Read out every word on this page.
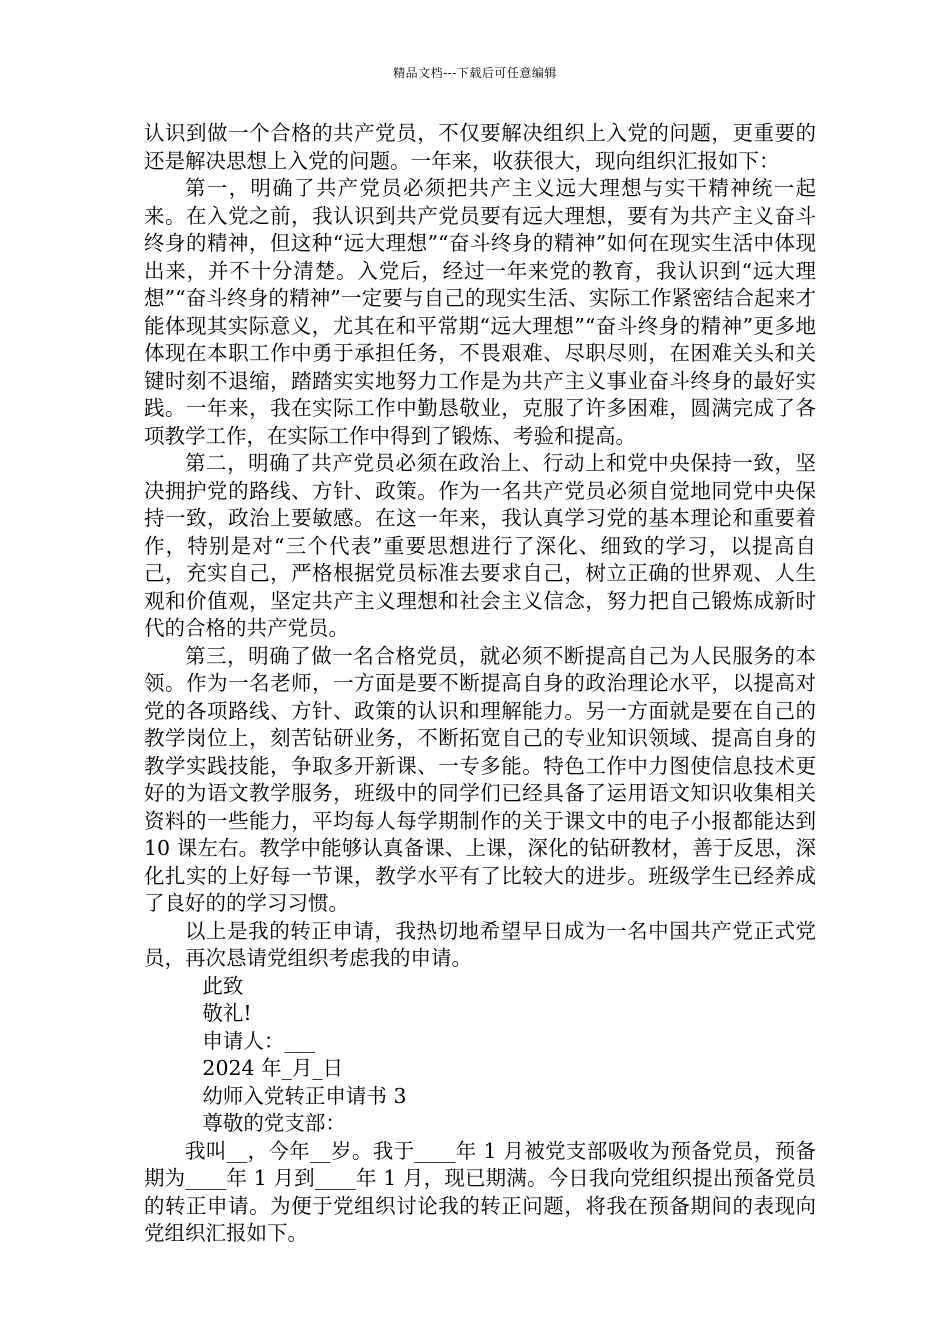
精品文档---下载后可任意编辑

认识到做一个合格的共产党员，不仅要解决组织上入党的问题，更重要的还是解决思想上入党的问题。一年来，收获很大，现向组织汇报如下：

第一，明确了共产党员必须把共产主义远大理想与实干精神统一起来。在入党之前，我认识到共产党员要有远大理想，要有为共产主义奋斗终身的精神，但这种“远大理想”“奋斗终身的精神”如何在现实生活中体现出来，并不十分清楚。入党后，经过一年来党的教育，我认识到“远大理想”“奋斗终身的精神”一定要与自己的现实生活、实际工作紧密结合起来才能体现其实际意义，尤其在和平常期“远大理想”“奋斗终身的精神”更多地体现在本职工作中勇于承担任务，不畏艰难、尽职尽则，在困难关头和关键时刻不退缩，踏踏实实地努力工作是为共产主义事业奋斗终身的最好实践。一年来，我在实际工作中勤恳敬业，克服了许多困难，圆满完成了各项教学工作，在实际工作中得到了锻炼、考验和提高。

第二，明确了共产党员必须在政治上、行动上和党中央保持一致，坚决拥护党的路线、方针、政策。作为一名共产党员必须自觉地同党中央保持一致，政治上要敏感。在这一年来，我认真学习党的基本理论和重要着作，特别是对“三个代表”重要思想进行了深化、细致的学习，以提高自己，充实自己，严格根据党员标准去要求自己，树立正确的世界观、人生观和价值观，坚定共产主义理想和社会主义信念，努力把自己锻炼成新时代的合格的共产党员。

第三，明确了做一名合格党员，就必须不断提高自己为人民服务的本领。作为一名老师，一方面是要不断提高自身的政治理论水平，以提高对党的各项路线、方针、政策的认识和理解能力。另一方面就是要在自己的教学岗位上，刻苦钻研业务，不断拓宽自己的专业知识领域、提高自身的教学实践技能，争取多开新课、一专多能。特色工作中力图使信息技术更好的为语文教学服务，班级中的同学们已经具备了运用语文知识收集相关资料的一些能力，平均每人每学期制作的关于课文中的电子小报都能达到 10 课左右。教学中能够认真备课、上课，深化的钻研教材，善于反思，深化扎实的上好每一节课，教学水平有了比较大的进步。班级学生已经养成了良好的的学习习惯。

以上是我的转正申请，我热切地希望早日成为一名中国共产党正式党员，再次恳请党组织考虑我的申请。

此致

敬礼!

申请人：___

2024 年_月_日

幼师入党转正申请书 3

尊敬的党支部：

我叫__，今年__岁。我于____年 1 月被党支部吸收为预备党员，预备期为____年 1 月到____年 1 月，现已期满。今日我向党组织提出预备党员的转正申请。为便于党组织讨论我的转正问题，将我在预备期间的表现向党组织汇报如下。
